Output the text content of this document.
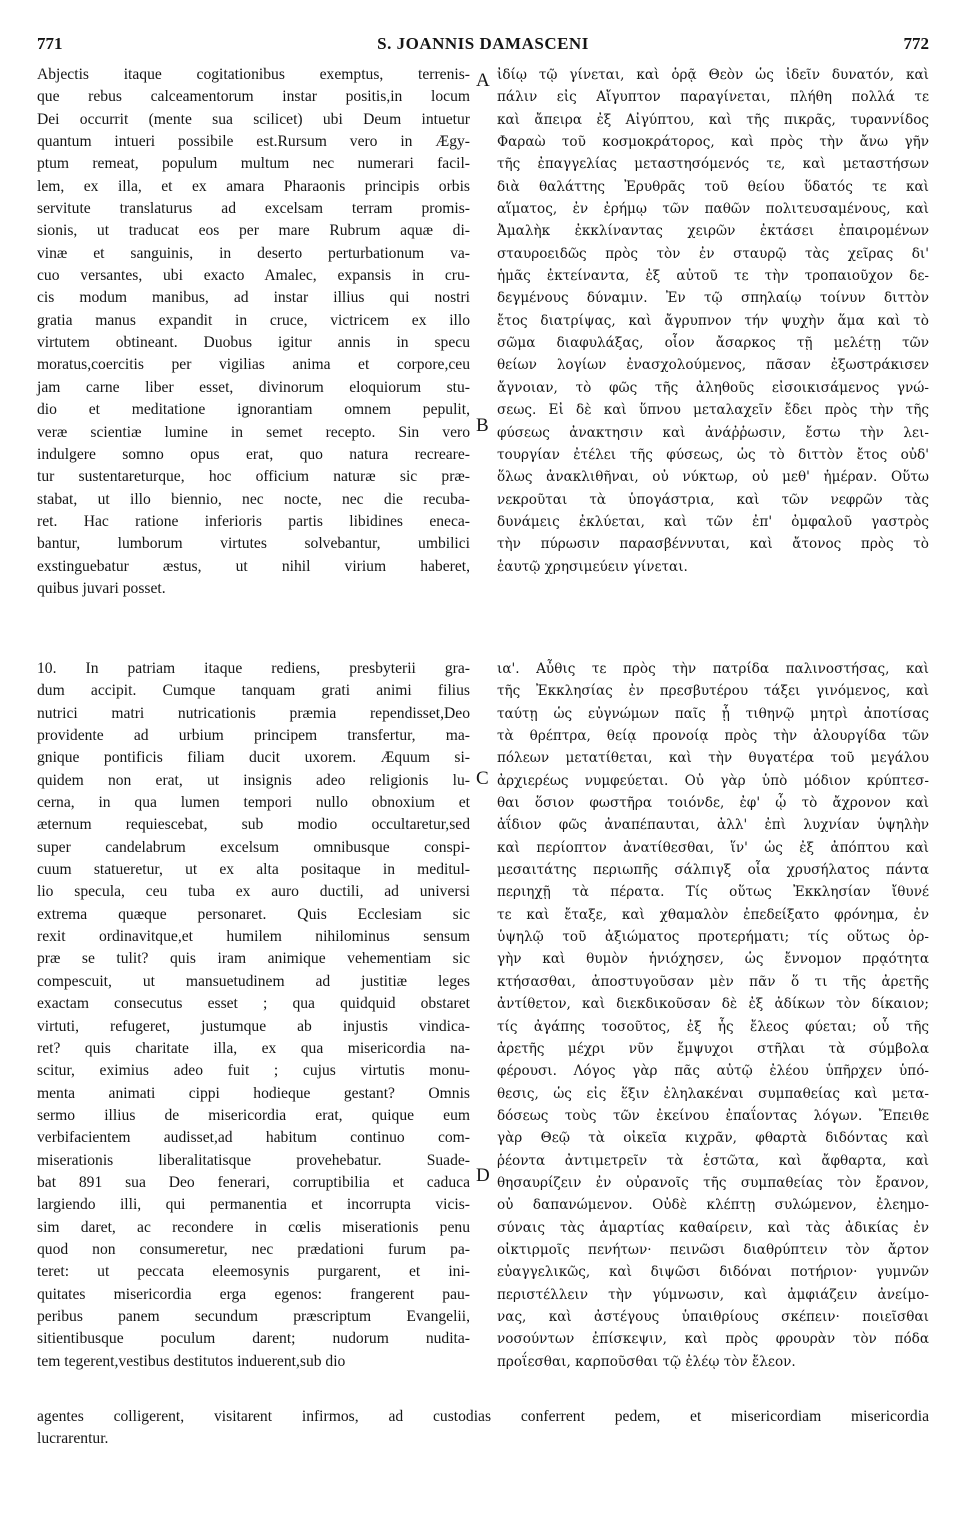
771	S. JOANNIS DAMASCENI	772
Abjectis itaque cogitationibus exemptus, terrenis-
que rebus calceamentorum instar positis,in locum
Dei occurrit (mente sua scilicet) ubi Deum intuetur
quantum intueri possibile est.Rursum vero in Ægy-
ptum remeat, populum multum nec numerari facil-
lem, ex illa, et ex amara Pharaonis principis orbis
servitute translaturus ad excelsam terram promis-
sionis, ut traducat eos per mare Rubrum aquæ di-
vinæ et sanguinis, in deserto perturbationum va-
cuo versantes, ubi exacto Amalec, expansis in cru-
cis modum manibus, ad instar illius qui nostri
gratia manus expandit in cruce, victricem ex illo
virtutem obtineant. Duobus igitur annis in specu
moratus,coercitis per vigilias anima et corpore,ceu
jam carne liber esset, divinorum eloquiorum stu-
dio et meditatione ignorantiam omnem pepulit,
veræ scientiæ lumine in semet recepto. Sin vero
indulgere somno opus erat, quo natura recreare-
tur sustentareturque, hoc officium naturæ sic præ-
stabat, ut illo biennio, nec nocte, nec die recuba-
ret. Hac ratione inferioris partis libidines eneca-
bantur, lumborum virtutes solvebantur, umbilici
exstinguebatur æstus, ut nihil virium haberet,
quibus juvari posset.
ἰδίῳ τῷ γίνεται, καὶ ὁρᾷ Θεὸν ὡς ἰδεῖν δυνατόν, καὶ
πάλιν εἰς Αἴγυπτον παραγίνεται, πλήθη πολλά τε
καὶ ἄπειρα ἐξ Αἰγύπτου, καὶ τῆς πικρᾶς, τυραννίδος
Φαραὼ τοῦ κοσμοκράτορος, καὶ πρὸς τὴν ἄνω γῆν
τῆς ἐπαγγελίας μεταστησόμενός τε, καὶ μεταστήσων
διὰ θαλάττης Ἐρυθρᾶς τοῦ θείου ὕδατός τε καὶ
αἵματος, ἐν ἐρήμῳ τῶν παθῶν πολιτευσαμένους, καὶ
Ἀμαλὴκ ἐκκλίναντας χειρῶν ἐκτάσει ἐπαιρομένων
σταυροειδῶς πρὸς τὸν ἐν σταυρῷ τὰς χεῖρας δι'
ἡμᾶς ἐκτείναντα, ἐξ αὐτοῦ τε τὴν τροπαιοῦχον δε-
δεγμένους δύναμιν. Ἐν τῷ σπηλαίῳ τοίνυν διττὸν
ἔτος διατρίψας, καὶ ἄγρυπνον τήν ψυχὴν ἅμα καὶ τὸ
σῶμα διαφυλάξας, οἷον ἄσαρκος τῇ μελέτῃ τῶν
θείων λογίων ἐνασχολούμενος, πᾶσαν ἐξωστράκισεν
ἄγνοιαν, τὸ φῶς τῆς ἀληθοῦς εἰσοικισάμενος γνώ-
σεως. Εἰ δὲ καὶ ὕπνου μεταλαχεῖν ἔδει πρὸς τὴν τῆς
φύσεως ἀνακτησιν καὶ ἀνάῤῥωσιν, ἔστω τὴν λει-
τουργίαν ἐτέλει τῆς φύσεως, ὡς τὸ διττὸν ἔτος οὐδ'
ὅλως ἀνακλιθῆναι, οὐ νύκτωρ, οὐ μεθ' ἡμέραν. Οὕτω
νεκροῦται τὰ ὑπογάστρια, καὶ τῶν νεφρῶν τὰς
δυνάμεις ἐκλύεται, καὶ τῶν ἐπ' ὀμφαλοῦ γαστρὸς
τὴν πύρωσιν παρασβέννυται, καὶ ἄτονος πρὸς τὸ
ἑαυτῷ χρησιμεύειν γίνεται.
A
B
C
D
10. In patriam itaque rediens, presbyterii gra-
dum accipit. Cumque tanquam grati animi filius
nutrici matri nutricationis præmia rependisset,Deo
providente ad urbium principem transfertur, ma-
gnique pontificis filiam ducit uxorem. Æquum si-
quidem non erat, ut insignis adeo religionis lu-
cerna, in qua lumen tempori nullo obnoxium et
æternum requiescebat, sub modio occultaretur,sed
super candelabrum excelsum omnibusque conspi-
cuum statueretur, ut ex alta positaque in meditul-
lio specula, ceu tuba ex auro ductili, ad universi
extrema quæque personaret. Quis Ecclesiam sic
rexit ordinavitque,et humilem nihilominus sensum
præ se tulit? quis iram animique vehementiam sic
compescuit, ut mansuetudinem ad justitiæ leges
exactam consecutus esset ; qua quidquid obstaret
virtuti, refugeret, justumque ab injustis vindica-
ret? quis charitate illa, ex qua misericordia na-
scitur, eximius adeo fuit ; cujus virtutis monu-
menta animati cippi hodieque gestant? Omnis
sermo illius de misericordia erat, quique eum
verbifacientem audisset,ad habitum continuo com-
miserationis liberalitatisque provehebatur. Suade-
bat 891 sua Deo fenerari, corruptibilia et caduca
largiendo illi, qui permanentia et incorrupta vicis-
sim daret, ac recondere in cœlis miserationis penu
quod non consumeretur, nec prædationi furum pa-
teret: ut peccata eleemosynis purgarent, et ini-
quitates misericordia erga egenos: frangerent pau-
peribus panem secundum præscriptum Evangelii,
sitientibusque poculum darent; nudorum nudita-
tem tegerent,vestibus destitutos induerent,sub dio
ια'. Αὖθις τε πρὸς τὴν πατρίδα παλινοστήσας, καὶ
τῆς Ἐκκλησίας ἐν πρεσβυτέρου τάξει γινόμενος, καὶ
ταύτῃ ὡς εὐγνώμων παῖς ᾗ τιθηνῷ μητρὶ ἀποτίσας
τὰ θρέπτρα, θείᾳ προνοίᾳ πρὸς τὴν ἀλουργίδα τῶν
πόλεων μετατίθεται, καὶ τὴν θυγατέρα τοῦ μεγάλου
ἀρχιερέως νυμφεύεται. Οὐ γὰρ ὑπὸ μόδιον κρύπτεσ-
θαι ὅσιον φωστῆρα τοιόνδε, ἐφ' ᾧ τὸ ἄχρονον καὶ
ἀΐδιον φῶς ἀναπέπαυται, ἀλλ' ἐπὶ λυχνίαν ὑψηλὴν
καὶ περίοπτον ἀνατίθεσθαι, ἵν' ὡς ἐξ ἀπόπτου καὶ
μεσαιτάτης περιωπῆς σάλπιγξ οἷα χρυσήλατος πάντα
περιηχῇ τὰ πέρατα. Τίς οὕτως Ἐκκλησίαν ἴθυνέ
τε καὶ ἔταξε, καὶ χθαμαλὸν ἐπεδείξατο φρόνημα, ἐν
ὑψηλῷ τοῦ ἀξιώματος προτερήματι; τίς οὕτως ὀρ-
γὴν καὶ θυμὸν ἡνιόχησεν, ὡς ἔννομον πρᾳότητα
κτήσασθαι, ἀποστυγοῦσαν μὲν πᾶν ὅ τι τῆς ἀρετῆς
ἀντίθετον, καὶ διεκδικοῦσαν δὲ ἐξ ἀδίκων τὸν δίκαιον;
τίς ἀγάπης τοσοῦτος, ἐξ ἧς ἔλεος φύεται; οὗ τῆς
ἀρετῆς μέχρι νῦν ἔμψυχοι στῆλαι τὰ σύμβολα
φέρουσι. Λόγος γὰρ πᾶς αὐτῷ ἐλέου ὑπῆρχεν ὑπό-
θεσις, ὡς εἰς ἕξιν ἐληλακέναι συμπαθείας καὶ μετα-
δόσεως τοὺς τῶν ἐκείνου ἐπαΐοντας λόγων. Ἔπειθε
γὰρ Θεῷ τὰ οἰκεῖα κιχρᾶν, φθαρτὰ διδόντας καὶ
ῥέοντα ἀντιμετρεῖν τὰ ἑστῶτα, καὶ ἄφθαρτα, καὶ
θησαυρίζειν ἐν οὐρανοῖς τῆς συμπαθείας τὸν ἔρανον,
οὐ δαπανώμενον. Οὐδὲ κλέπτῃ συλώμενον, ἐλεημο-
σύναις τὰς ἁμαρτίας καθαίρειν, καὶ τὰς ἀδικίας ἐν
οἰκτιρμοῖς πενήτων· πεινῶσι διαθρύπτειν τὸν ἄρτον
εὐαγγελικῶς, καὶ διψῶσι διδόναι ποτήριον· γυμνῶν
περιστέλλειν τὴν γύμνωσιν, καὶ ἀμφιάζειν ἀνείμο-
νας, καὶ ἀστέγους ὑπαιθρίους σκέπειν· ποιεῖσθαι
νοσούντων ἐπίσκεψιν, καὶ πρὸς φρουρὰν τὸν πόδα
προΐεσθαι, καρποῦσθαι τῷ ἐλέῳ τὸν ἔλεον.
agentes colligerent, visitarent infirmos, ad custodias conferrent pedem, et misericordiam misericordia
lucrarentur.
